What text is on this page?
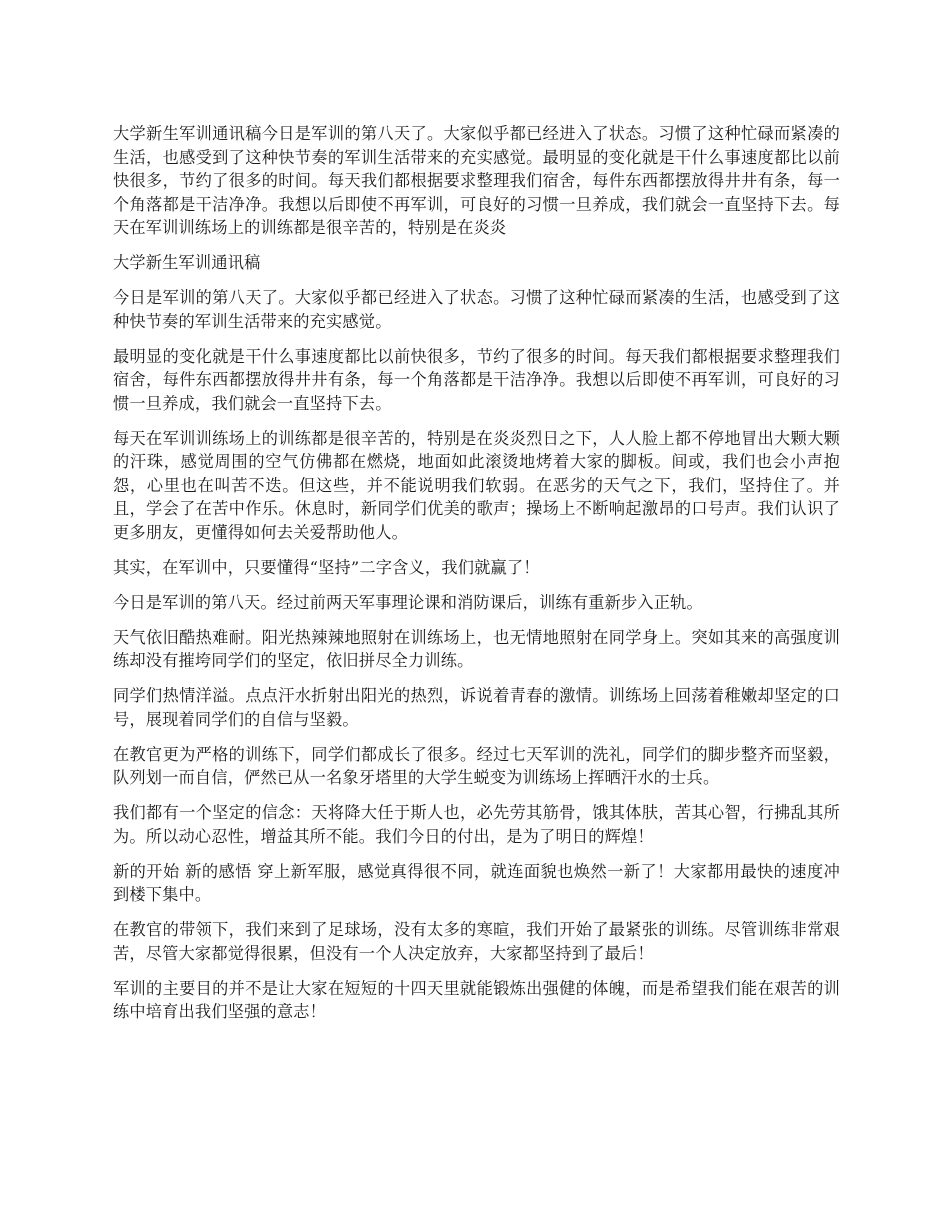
大学新生军训通讯稿今日是军训的第八天了。大家似乎都已经进入了状态。习惯了这种忙碌而紧凑的生活，也感受到了这种快节奏的军训生活带来的充实感觉。最明显的变化就是干什么事速度都比以前快很多，节约了很多的时间。每天我们都根据要求整理我们宿舍，每件东西都摆放得井井有条，每一个角落都是干洁净净。我想以后即使不再军训，可良好的习惯一旦养成，我们就会一直坚持下去。每天在军训训练场上的训练都是很辛苦的，特别是在炎炎

大学新生军训通讯稿

今日是军训的第八天了。大家似乎都已经进入了状态。习惯了这种忙碌而紧凑的生活，也感受到了这种快节奏的军训生活带来的充实感觉。

最明显的变化就是干什么事速度都比以前快很多，节约了很多的时间。每天我们都根据要求整理我们宿舍，每件东西都摆放得井井有条，每一个角落都是干洁净净。我想以后即使不再军训，可良好的习惯一旦养成，我们就会一直坚持下去。

每天在军训训练场上的训练都是很辛苦的，特别是在炎炎烈日之下，人人脸上都不停地冒出大颗大颗的汗珠，感觉周围的空气仿佛都在燃烧，地面如此滚烫地烤着大家的脚板。间或，我们也会小声抱怨，心里也在叫苦不迭。但这些，并不能说明我们软弱。在恶劣的天气之下，我们，坚持住了。并且，学会了在苦中作乐。休息时，新同学们优美的歌声；操场上不断响起激昂的口号声。我们认识了更多朋友，更懂得如何去关爱帮助他人。

其实，在军训中，只要懂得“坚持”二字含义，我们就赢了！

今日是军训的第八天。经过前两天军事理论课和消防课后，训练有重新步入正轨。

天气依旧酷热难耐。阳光热辣辣地照射在训练场上，也无情地照射在同学身上。突如其来的高强度训练却没有摧垮同学们的坚定，依旧拼尽全力训练。

同学们热情洋溢。点点汗水折射出阳光的热烈，诉说着青春的激情。训练场上回荡着稚嫩却坚定的口号，展现着同学们的自信与坚毅。

在教官更为严格的训练下，同学们都成长了很多。经过七天军训的洗礼，同学们的脚步整齐而坚毅，队列划一而自信，俨然已从一名象牙塔里的大学生蜕变为训练场上挥晒汗水的士兵。

我们都有一个坚定的信念：天将降大任于斯人也，必先劳其筋骨，饿其体肤，苦其心智，行拂乱其所为。所以动心忍性，增益其所不能。我们今日的付出，是为了明日的辉煌！

新的开始 新的感悟 穿上新军服，感觉真得很不同，就连面貌也焕然一新了！大家都用最快的速度冲到楼下集中。

在教官的带领下，我们来到了足球场，没有太多的寒暄，我们开始了最紧张的训练。尽管训练非常艰苦，尽管大家都觉得很累，但没有一个人决定放弃，大家都坚持到了最后！

军训的主要目的并不是让大家在短短的十四天里就能锻炼出强健的体魄，而是希望我们能在艰苦的训练中培育出我们坚强的意志！
